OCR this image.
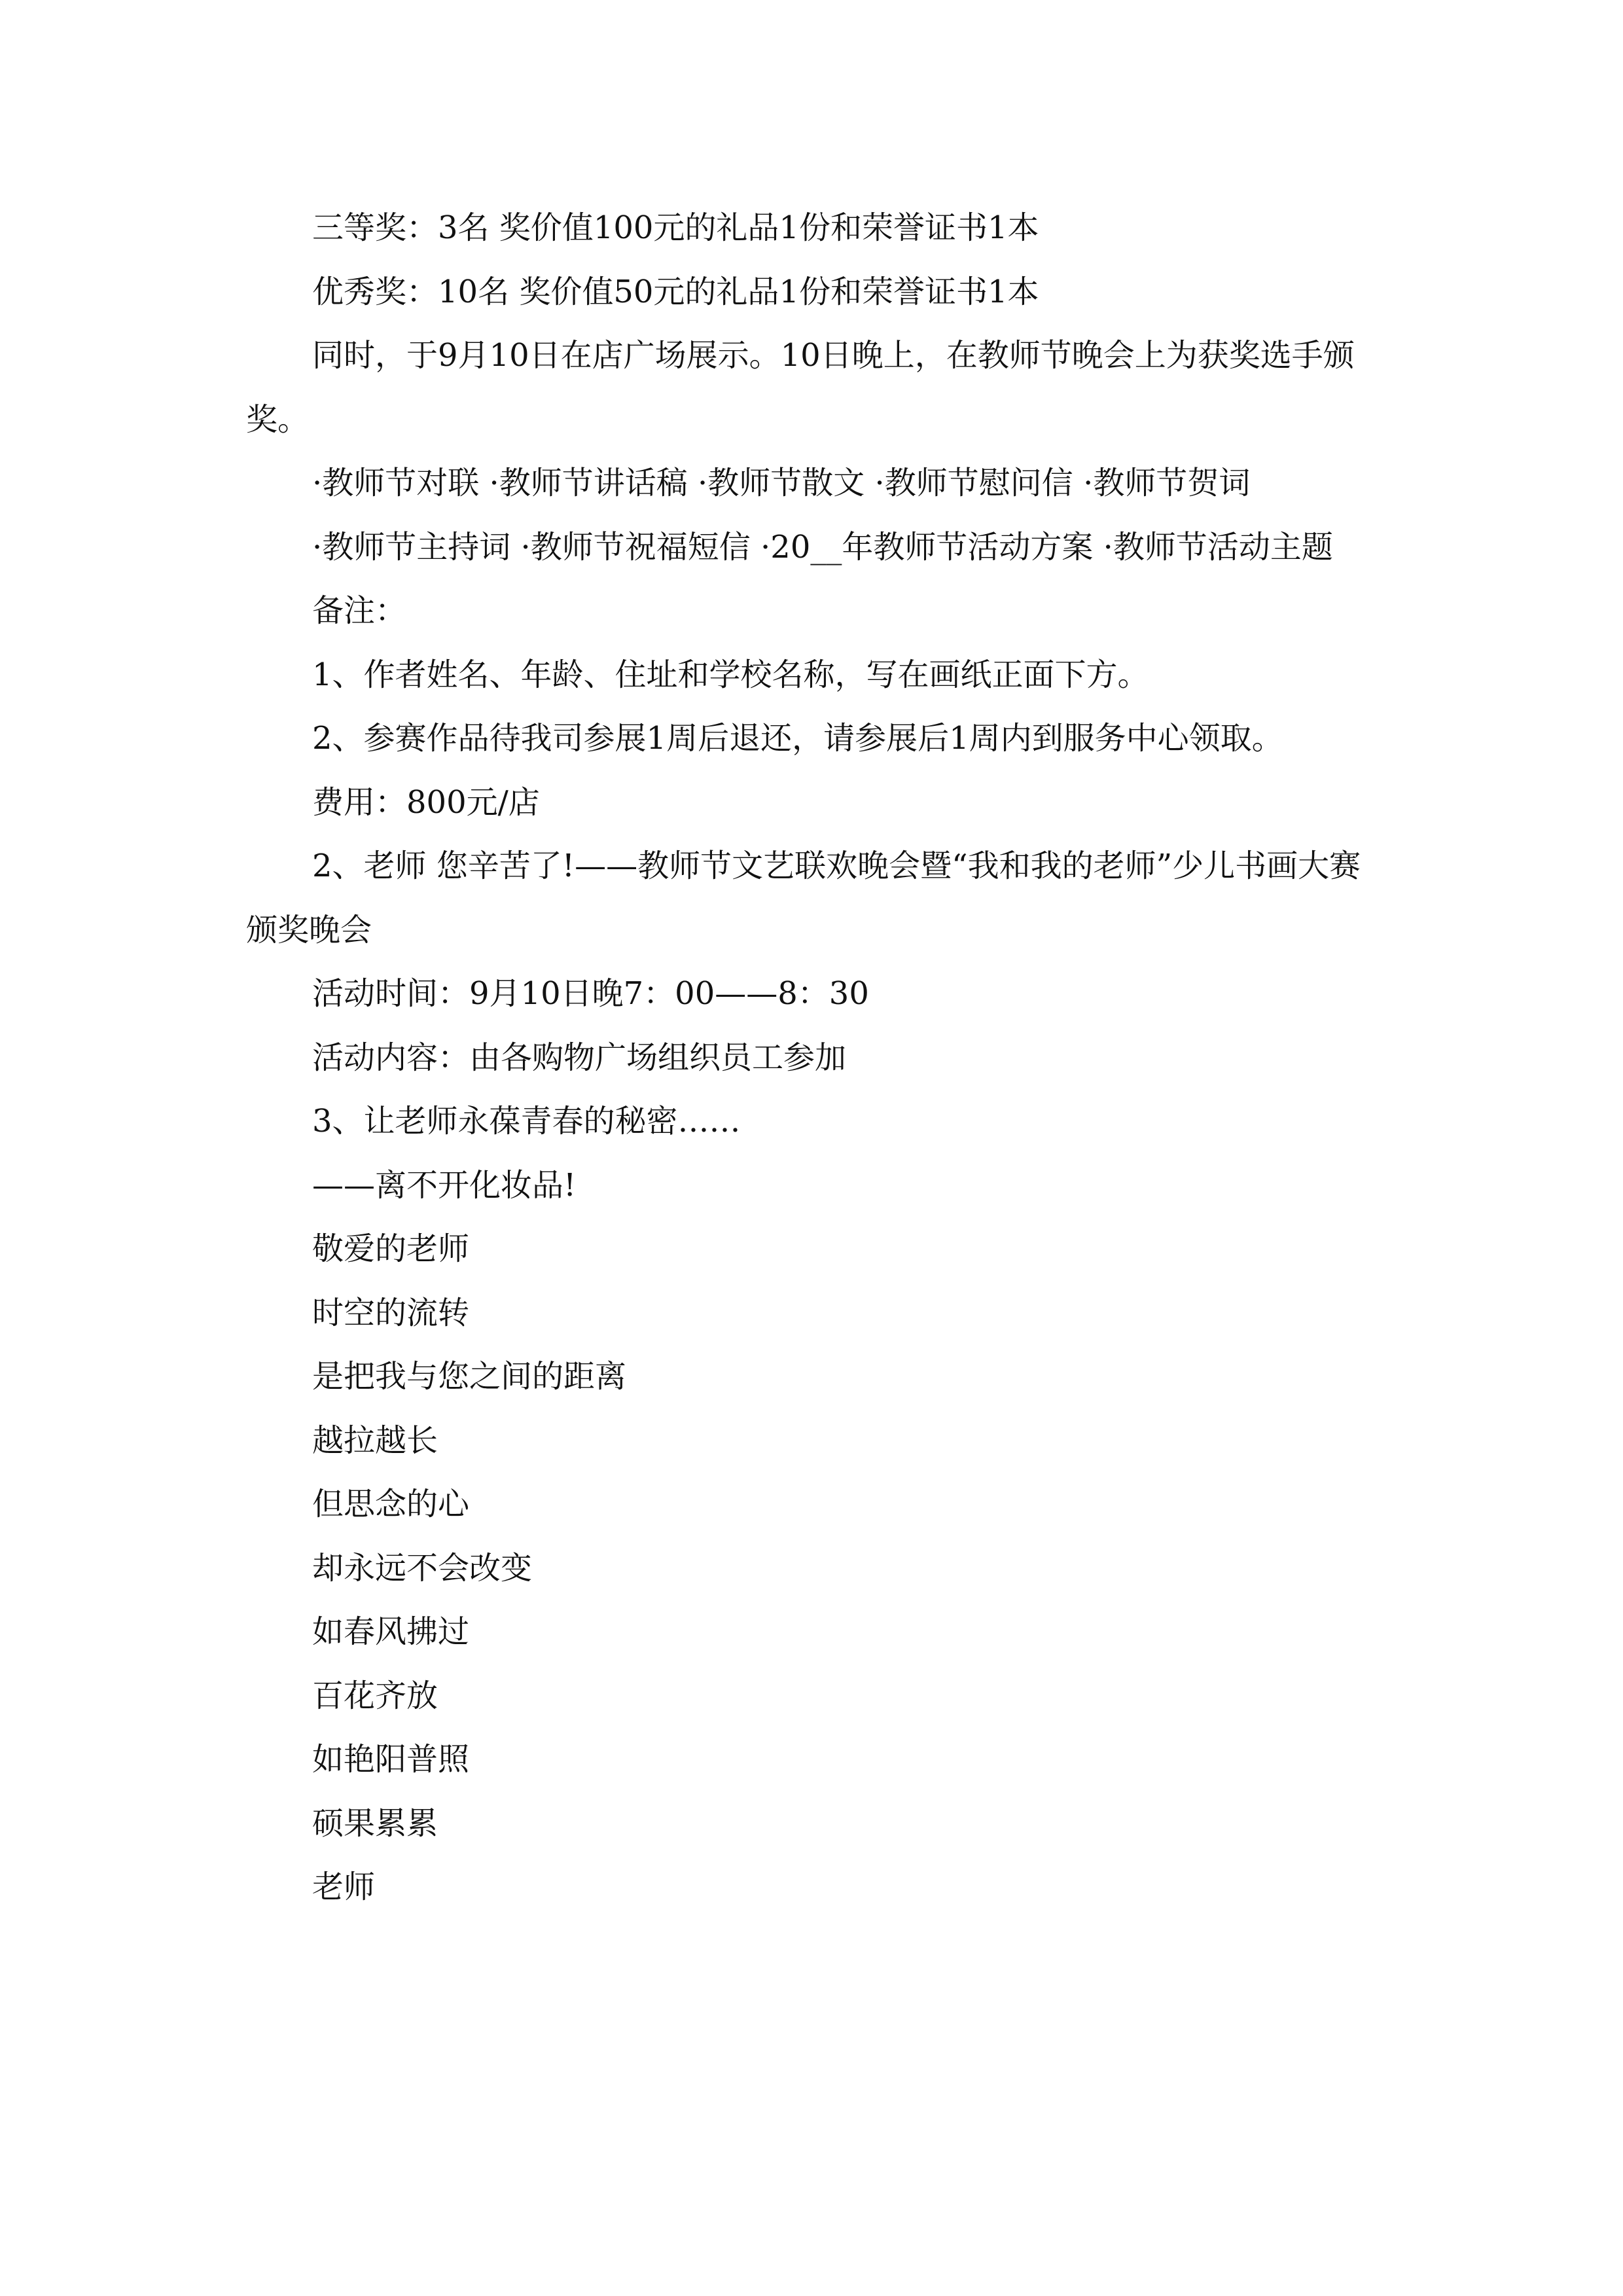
三等奖：3名 奖价值100元的礼品1份和荣誉证书1本

优秀奖：10名 奖价值50元的礼品1份和荣誉证书1本

同时，于9月10日在店广场展示。10日晚上，在教师节晚会上为获奖选手颁奖。

·教师节对联 ·教师节讲话稿 ·教师节散文 ·教师节慰问信 ·教师节贺词

·教师节主持词 ·教师节祝福短信 ·20__年教师节活动方案 ·教师节活动主题

备注：

1、作者姓名、年龄、住址和学校名称，写在画纸正面下方。

2、参赛作品待我司参展1周后退还，请参展后1周内到服务中心领取。

费用：800元/店

2、老师 您辛苦了!——教师节文艺联欢晚会暨“我和我的老师”少儿书画大赛颁奖晚会

活动时间：9月10日晚7：00——8：30

活动内容：由各购物广场组织员工参加

3、让老师永葆青春的秘密……

——离不开化妆品!

敬爱的老师

时空的流转

是把我与您之间的距离

越拉越长

但思念的心

却永远不会改变

如春风拂过

百花齐放

如艳阳普照

硕果累累

老师
